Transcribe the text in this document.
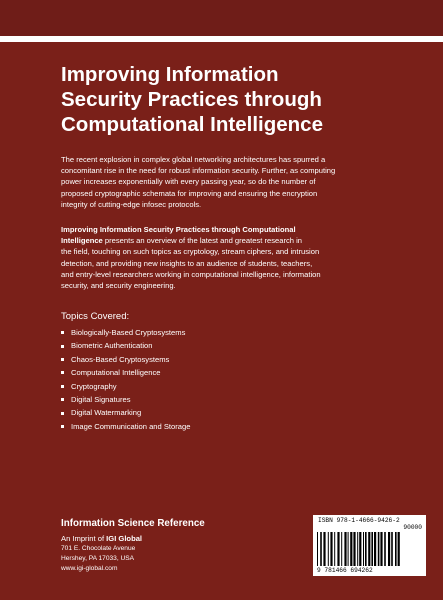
Improving Information
Security Practices through
Computational Intelligence

The recent explosion in complex global networking architectures has spurred a
concomitant rise in the need for robust information security. Further, as computing
power increases exponentially with every passing year, so do the number of
proposed cryptographic schemata for improving and ensuring the encryption
integrity of cutting-edge infosec protocols.

Improving Information Security Practices through Computational
Intelligence presents an overview of the latest and greatest research in
the field, touching on such topics as cryptology, stream ciphers, and intrusion
detection, and providing new insights to an audience of students, teachers,
and entry-level researchers working in computational intelligence, information
security, and security engineering.

Topics Covered:

Biologically-Based Cryptosystems
Biometric Authentication
Chaos-Based Cryptosystems
Computational Intelligence
Cryptography
Digital Signatures
Digital Watermarking
Image Communication and Storage

Information Science Reference

An Imprint of IGI Global

701 E. Chocolate Avenue

Hershey, PA 17033, USA

www.igi-global.com

ISBN 978-1-4666-9426-2
90000
9 781466 694262
